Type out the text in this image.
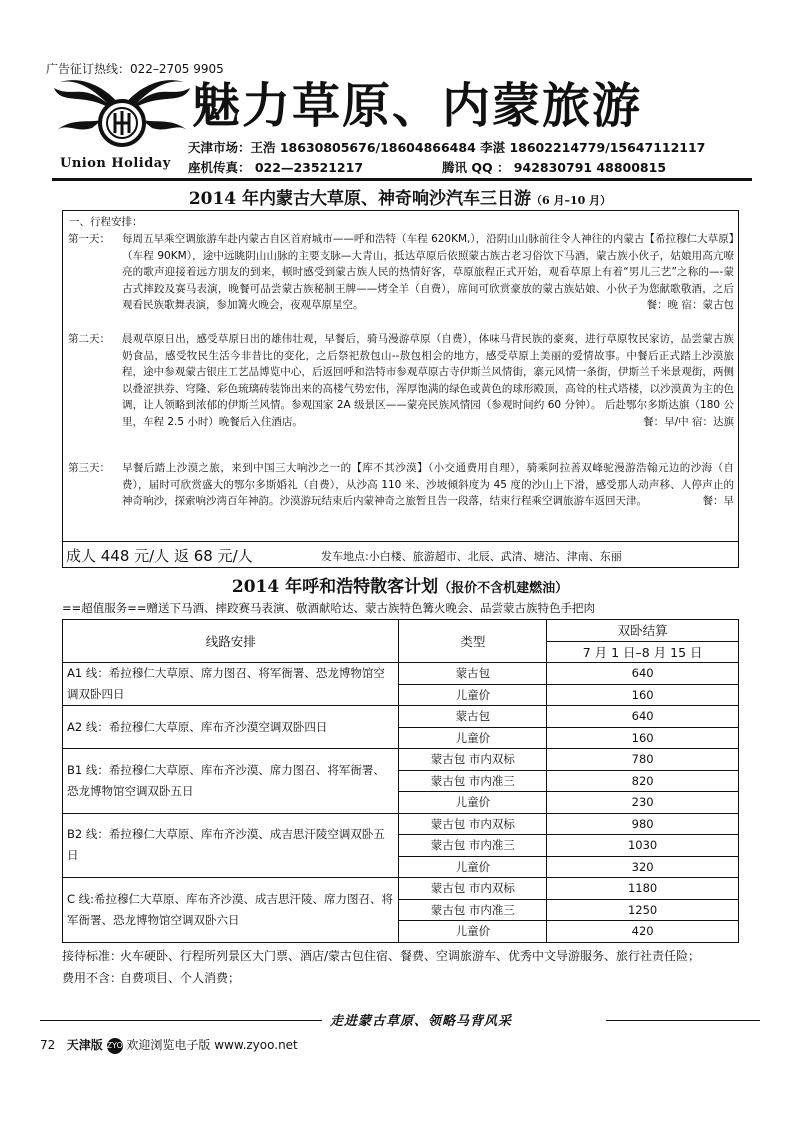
广告征订热线：022–2705 9905
Union Holiday
魅力草原、内蒙旅游
天津市场：王浩 18630805676/18604866484 李湛 18602214779/15647112117
座机传真： 022—23521217	腾讯 QQ ： 942830791 48800815
2014 年内蒙古大草原、神奇响沙汽车三日游（6 月–10 月）
一、行程安排：
第一天：	每周五早乘空调旅游车赴内蒙古自区首府城市——呼和浩特（车程 620KM,），沿阴山山脉前往令人神往的内蒙古【希拉穆仁大草原】（车程 90KM），途中远眺阴山山脉的主要支脉—大青山，抵达草原后依照蒙古族古老习俗饮下马酒，蒙古族小伙子，姑娘用高亢嘹亮的歌声迎接着远方朋友的到来，顿时感受到蒙古族人民的热情好客，草原旅程正式开始，观看草原上有着“男儿三艺”之称的—-蒙古式摔跤及赛马表演，晚餐可品尝蒙古族秘制王牌——烤全羊（自费），席间可欣赏豪放的蒙古族姑娘、小伙子为您献歌敬酒，之后观看民族歌舞表演，参加篝火晚会，夜观草原星空。	餐：晚 宿：蒙古包
第二天：	晨观草原日出，感受草原日出的雄伟壮观，早餐后，骑马漫游草原（自费），体味马背民族的豪爽，进行草原牧民家访，品尝蒙古族奶食品，感受牧民生活今非昔比的变化，之后祭祀敖包山--敖包相会的地方，感受草原上美丽的爱情故事。中餐后正式踏上沙漠旅程，途中参观蒙古银庄工艺品博览中心，后返回呼和浩特市参观草原古寺伊斯兰风情街，寨元风情一条街，伊斯兰千米景观街，两侧以叠涩拱券、穹隆、彩色琉璃砖装饰出来的高楼气势宏伟，浑厚饱满的绿色或黄色的球形殿顶，高耸的柱式塔楼，以沙漠黄为主的色调，让人领略到浓郁的伊斯兰风情。参观国家 2A 级景区——蒙亮民族风情园（参观时间约 60 分钟）。 后赴鄂尔多斯达旗（180 公里，车程 2.5 小时）晚餐后入住酒店。	餐：早/中 宿：达旗
第三天：	早餐后踏上沙漠之旅，来到中国三大响沙之一的【库不其沙漠】（小交通费用自理），骑乘阿拉善双峰驼漫游浩翰元边的沙海（自费），届时可欣赏盛大的鄂尔多斯婚礼（自费），从沙高 110 米、沙坡倾斜度为 45 度的沙山上下滑，感受那人动声移、人停声止的神奇响沙，探索响沙湾百年神韵。沙漠游玩结束后内蒙神奇之旅暂且告一段落，结束行程乘空调旅游车返回天津。	餐：早
成人 448 元/人 返 68 元/人	发车地点:小白楼、旅游超市、北辰、武清、塘沽、津南、东丽
2014 年呼和浩特散客计划（报价不含机建燃油）
==超值服务==赠送下马酒、摔跤赛马表演、敬酒献哈达、蒙古族特色篝火晚会、品尝蒙古族特色手把肉
线路安排	类型	双卧结算
		7 月 1 日–8 月 15 日
A1 线：希拉穆仁大草原、席力图召、将军衙署、恐龙博物馆空调双卧四日	蒙古包	640
	儿童价	160
A2 线：希拉穆仁大草原、库布齐沙漠空调双卧四日	蒙古包	640
	儿童价	160
B1 线：希拉穆仁大草原、库布齐沙漠、席力图召、将军衙署、恐龙博物馆空调双卧五日	蒙古包 市内双标	780
	蒙古包 市内准三	820
	儿童价	230
B2 线：希拉穆仁大草原、库布齐沙漠、成吉思汗陵空调双卧五日	蒙古包 市内双标	980
	蒙古包 市内准三	1030
	儿童价	320
C 线:希拉穆仁大草原、库布齐沙漠、成吉思汗陵、席力图召、将军衙署、恐龙博物馆空调双卧六日	蒙古包 市内双标	1180
	蒙古包 市内准三	1250
	儿童价	420
接待标准：
火车硬卧、行程所列景区大门票、酒店/蒙古包住宿、餐费、空调旅游车、优秀中文导游服务、旅行社责任险；
费用不含：
自费项目、个人消费；
走进蒙古草原、领略马背风采
72 天津版 ZYOO 欢迎浏览电子版 www.zyoo.net
